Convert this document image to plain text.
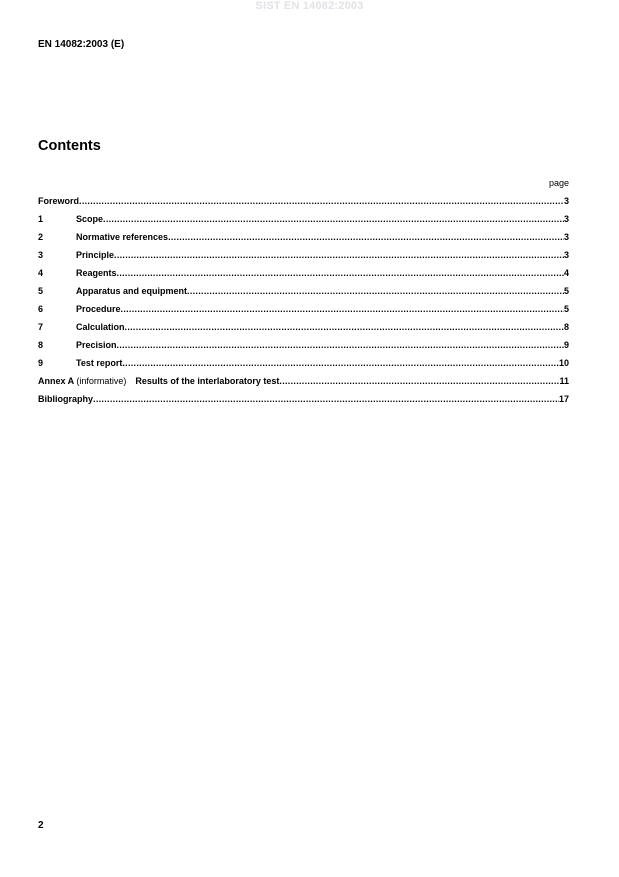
SIST EN 14082:2003
EN 14082:2003 (E)
Contents
page
Foreword .....	3
1	Scope .....	3
2	Normative references .....	3
3	Principle .....	3
4	Reagents .....	4
5	Apparatus and equipment .....	5
6	Procedure .....	5
7	Calculation .....	8
8	Precision .....	9
9	Test report .....	10
Annex A (informative) Results of the interlaboratory test .....	11
Bibliography .....	17
2
